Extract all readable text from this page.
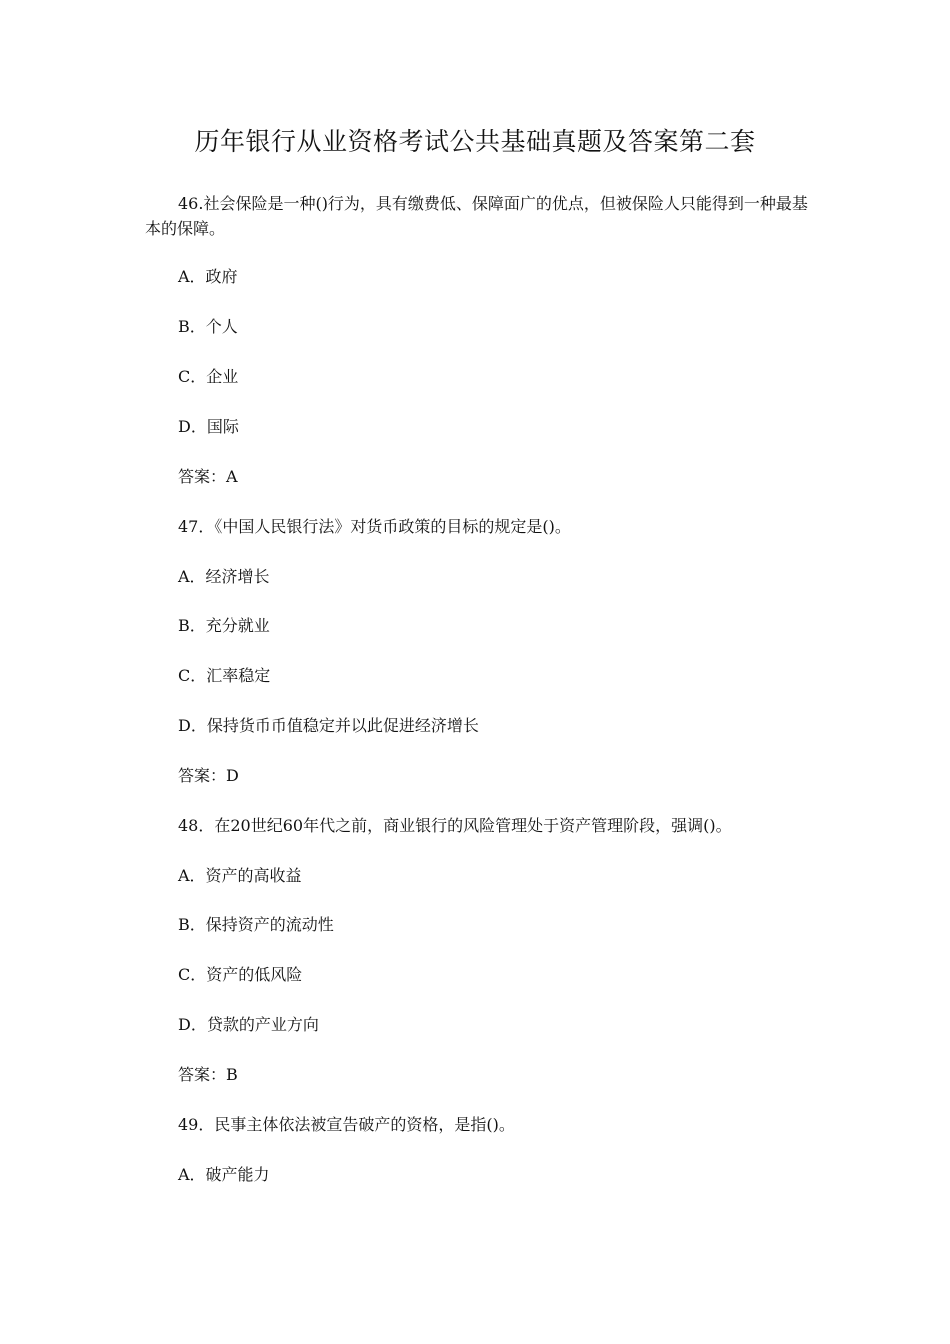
历年银行从业资格考试公共基础真题及答案第二套
46.社会保险是一种()行为，具有缴费低、保障面广的优点，但被保险人只能得到一种最基本的保障。
A．政府
B．个人
C．企业
D．国际
答案：A
47．《中国人民银行法》对货币政策的目标的规定是()。
A．经济增长
B．充分就业
C．汇率稳定
D．保持货币币值稳定并以此促进经济增长
答案：D
48．在20世纪60年代之前，商业银行的风险管理处于资产管理阶段，强调()。
A．资产的高收益
B．保持资产的流动性
C．资产的低风险
D．贷款的产业方向
答案：B
49．民事主体依法被宣告破产的资格，是指()。
A．破产能力
